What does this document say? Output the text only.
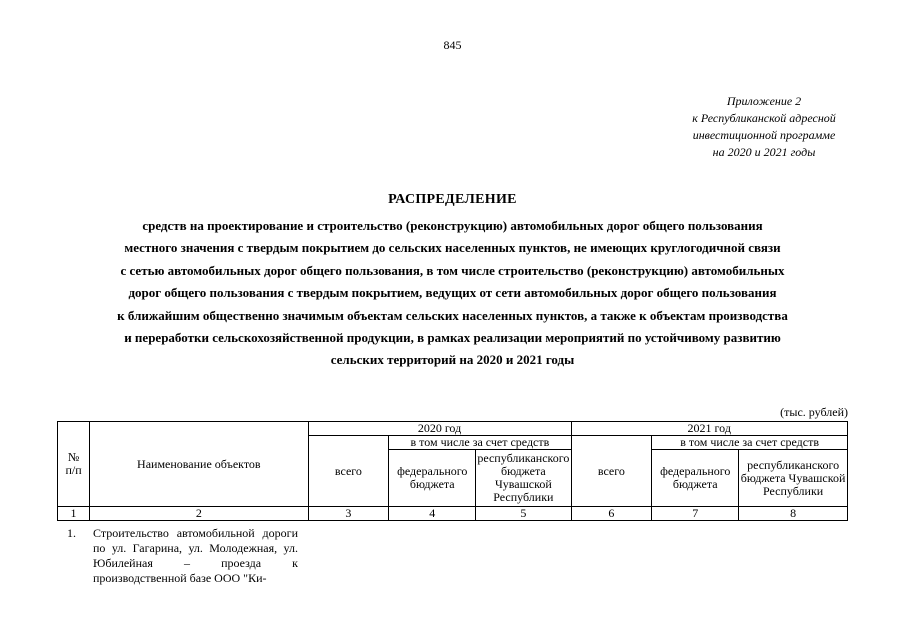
845
Приложение 2
к Республиканской адресной
инвестиционной программе
на 2020 и 2021 годы
РАСПРЕДЕЛЕНИЕ
средств на проектирование и строительство (реконструкцию) автомобильных дорог общего пользования
местного значения с твердым покрытием до сельских населенных пунктов, не имеющих круглогодичной связи
с сетью автомобильных дорог общего пользования, в том числе строительство (реконструкцию) автомобильных
дорог общего пользования с твердым покрытием, ведущих от сети автомобильных дорог общего пользования
к ближайшим общественно значимым объектам сельских населенных пунктов, а также к объектам производства
и переработки сельскохозяйственной продукции, в рамках реализации мероприятий по устойчивому развитию
сельских территорий на 2020 и 2021 годы
(тыс. рублей)
№
п/п	Наименование объектов	2020 год			2021 год		
		всего	в том числе за счет средств		всего	в том числе за счет средств	
			федерального бюджета	республиканского бюджета Чувашской Республики		федерального бюджета	республиканского бюджета Чувашской Республики
1	2	3	4	5	6	7	8
1. Строительство автомобильной дороги по ул. Гагарина, ул. Молодежная, ул. Юбилейная – проезда к производственной базе ООО "Ки-
